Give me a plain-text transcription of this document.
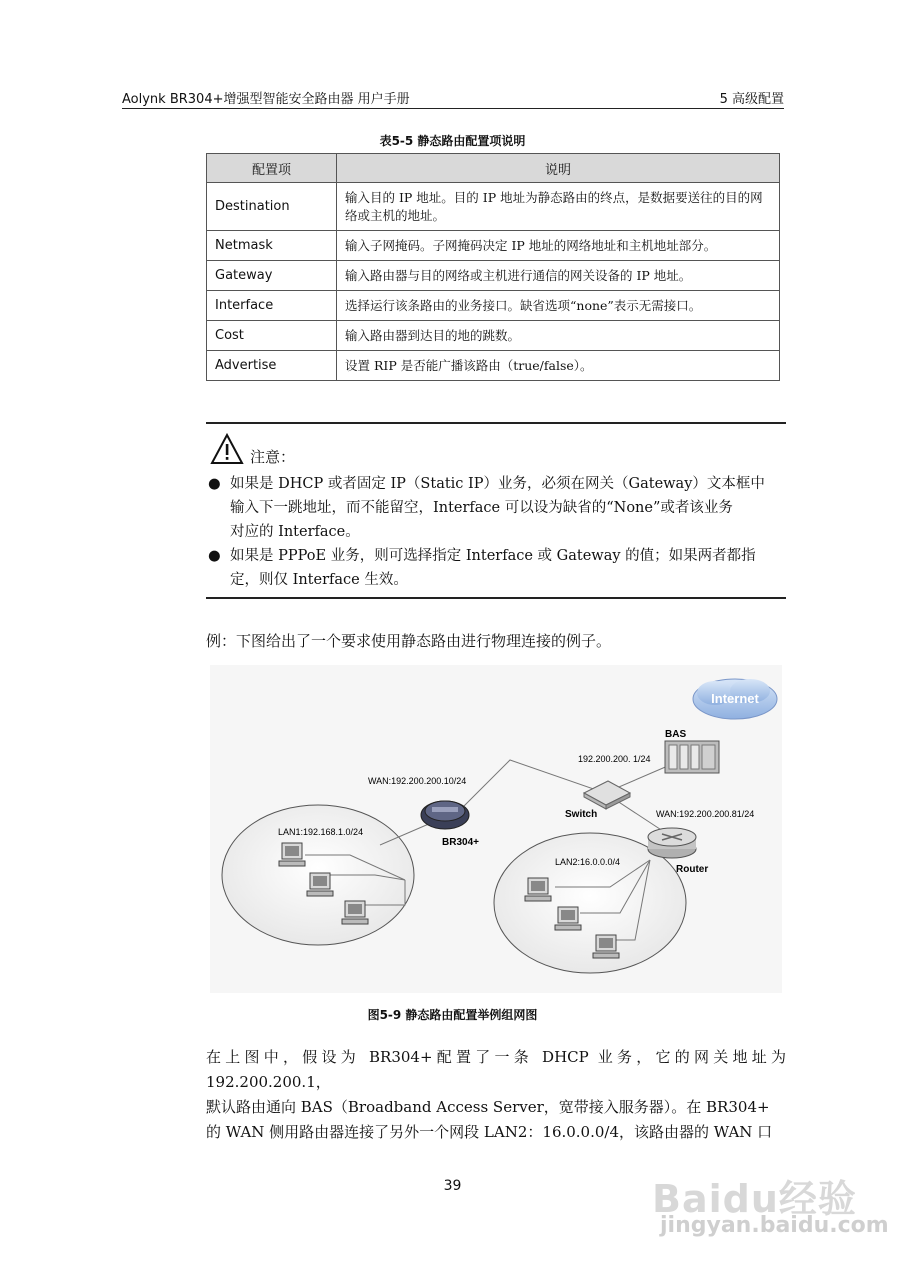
Aolynk BR304+增强型智能安全路由器 用户手册	5 高级配置
表5-5 静态路由配置项说明
配置项	说明
Destination	输入目的 IP 地址。目的 IP 地址为静态路由的终点，是数据要送往的目的网络或主机的地址。
Netmask	输入子网掩码。子网掩码决定 IP 地址的网络地址和主机地址部分。
Gateway	输入路由器与目的网络或主机进行通信的网关设备的 IP 地址。
Interface	选择运行该条路由的业务接口。缺省选项“none”表示无需接口。
Cost	输入路由器到达目的地的跳数。
Advertise	设置 RIP 是否能广播该路由（true/false）。
注意：
● 如果是 DHCP 或者固定 IP（Static IP）业务，必须在网关（Gateway）文本框中
输入下一跳地址，而不能留空，Interface 可以设为缺省的“None”或者该业务
对应的 Interface。
● 如果是 PPPoE 业务，则可选择指定 Interface 或 Gateway 的值；如果两者都指
定，则仅 Interface 生效。
例：下图给出了一个要求使用静态路由进行物理连接的例子。
Internet
BAS
192.200.200. 1/24
Switch
WAN:192.200.200.10/24
WAN:192.200.200.81/24
BR304+
Router
LAN1:192.168.1.0/24
LAN2:16.0.0.0/4
图5-9 静态路由配置举例组网图

在上图中，假设为 BR304+配置了一条 DHCP 业务，它的网关地址为 192.200.200.1，

默认路由通向 BAS（Broadband Access Server，宽带接入服务器）。在 BR304+

的 WAN 侧用路由器连接了另外一个网段 LAN2：16.0.0.0/4，该路由器的 WAN 口

39	Baidu经验
jingyan.baidu.com
